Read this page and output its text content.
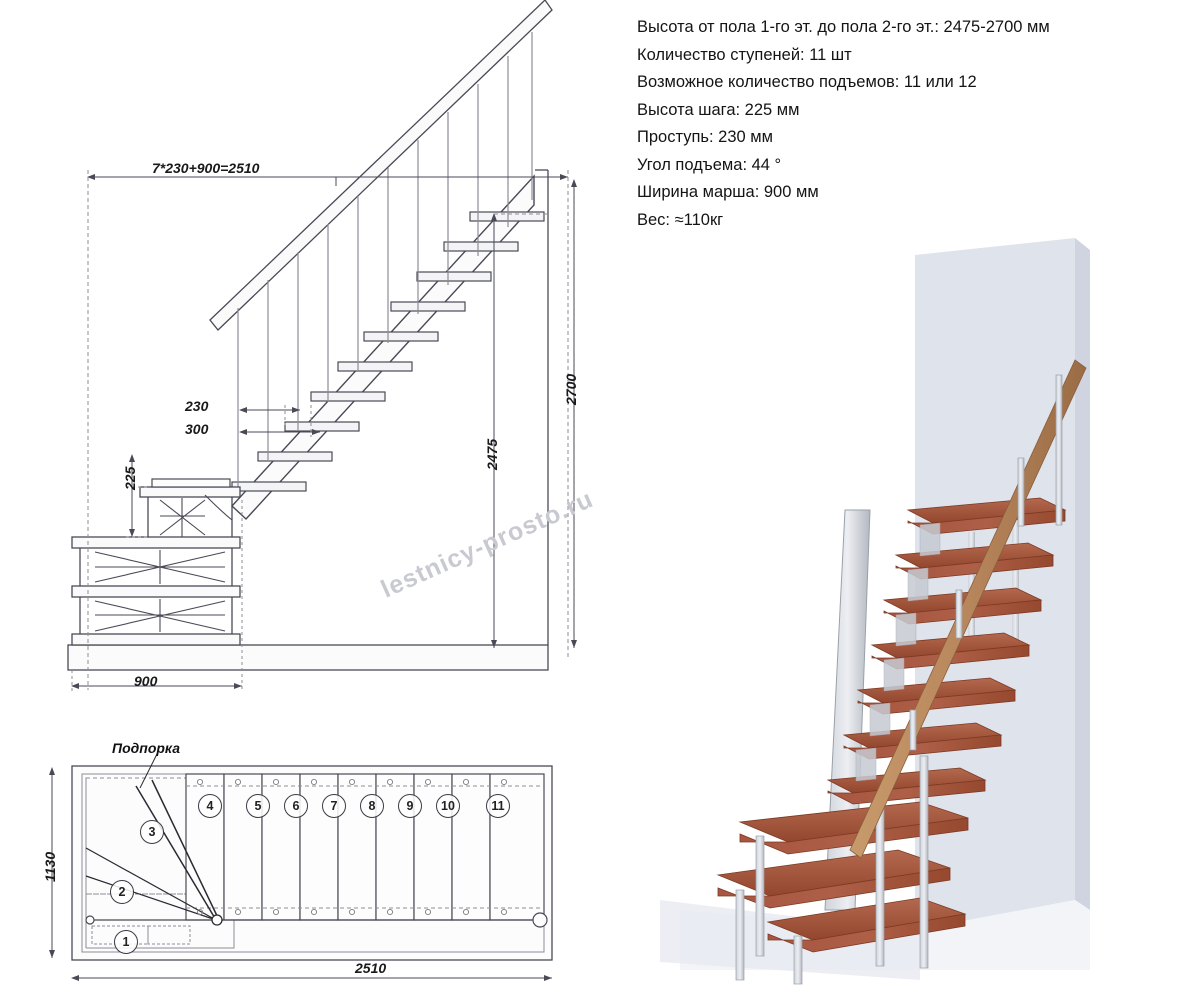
Высота от пола 1-го эт. до пола 2-го эт.: 2475-2700 мм
Количество ступеней: 11 шт
Возможное количество подъемов: 11 или 12
Высота шага: 225 мм
Проступь: 230 мм
Угол подъема: 44 °
Ширина марша: 900 мм
Вес: ≈110кг
7*230+900=2510
2700
2475
230
300
225
900
Подпорка
1130
2510
1
2
3
4	5	6	7	8	9	10	11
lestnicy-prosto.ru
